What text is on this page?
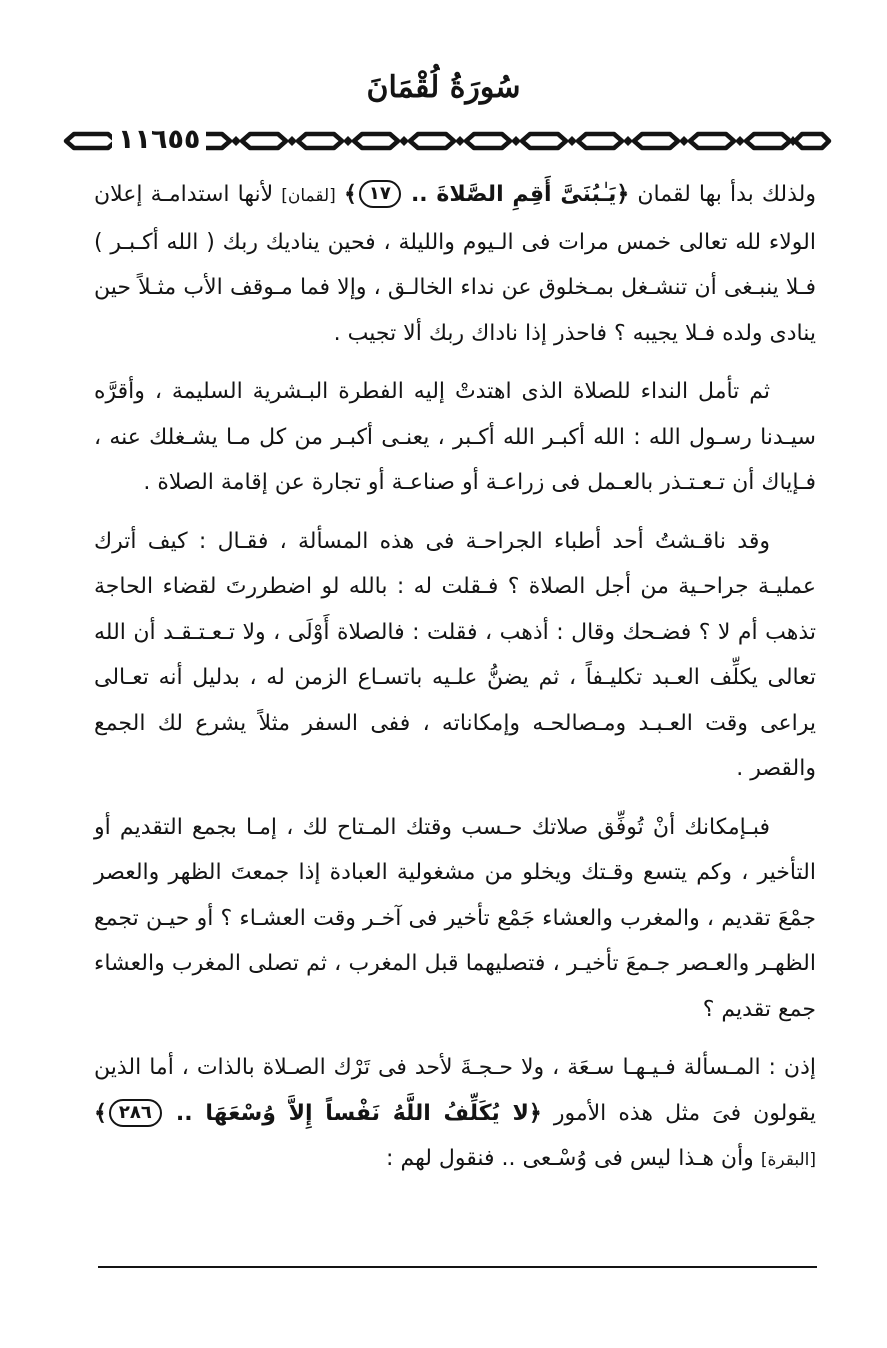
سُورَةُ لُقْمَانَ
١١٦٥٥

ولذلك بدأ بها لقمان ﴿يَـٰبُنَىَّ أَقِمِ الصَّلاةَ .. ١٧﴾ [لقمان] لأنها استدامـة إعلان الولاء لله تعالى خمس مرات فى الـيوم والليلة ، فحين يناديك ربك ( الله أكـبـر ) فـلا ينبـغى أن تنشـغل بمـخلوق عن نداء الخالـق ، وإلا فما مـوقف الأب مثـلاً حين ينادى ولده فـلا يجيبه ؟ فاحذر إذا ناداك ربك ألا تجيب .

ثم تأمل النداء للصلاة الذى اهتدتْ إليه الفطرة البـشرية السليمة ، وأقرَّه سيـدنا رسـول الله : الله أكبـر الله أكـبر ، يعنـى أكبـر من كل مـا يشـغلك عنه ، فـإياك أن تـعـتـذر بالعـمل فى زراعـة أو صناعـة أو تجارة عن إقامة الصلاة .

وقد ناقـشتُ أحد أطباء الجراحـة فى هذه المسألة ، فقـال : كيف أترك عمليـة جراحـية من أجل الصلاة ؟ فـقلت له : بالله لو اضطررتَ لقضاء الحاجة تذهب أم لا ؟ فضـحك وقال : أذهب ، فقلت : فالصلاة أَوْلَى ، ولا تـعـتـقـد أن الله تعالى يكلِّف العـبد تكليـفاً ، ثم يضنُّ علـيه باتسـاع الزمن له ، بدليل أنه تعـالى يراعى وقت العـبـد ومـصالحـه وإمكاناته ، ففى السفر مثلاً يشرع لك الجمع والقصر .

فبـإمكانك أنْ تُوفِّق صلاتك حـسب وقتك المـتاح لك ، إمـا بجمع التقديم أو التأخير ، وكم يتسع وقـتك ويخلو من مشغولية العبادة إذا جمعتَ الظهر والعصر جمْعَ تقديم ، والمغرب والعشاء جَمْع تأخير فى آخـر وقت العشـاء ؟ أو حيـن تجمع الظهـر والعـصر جـمعَ تأخيـر ، فتصليهما قبل المغرب ، ثم تصلى المغرب والعشاء جمع تقديم ؟

إذن : المـسألة فـيـهـا سـعَة ، ولا حـجـةَ لأحد فى تَرْك الصـلاة بالذات ، أما الذين يقولون فىَ مثل هذه الأمور ﴿لا يُكَلِّفُ اللَّهُ نَفْساً إِلاَّ وُسْعَهَا .. ٢٨٦﴾ [البقرة] وأن هـذا ليس فى وُسْـعى .. فنقول لهم :
